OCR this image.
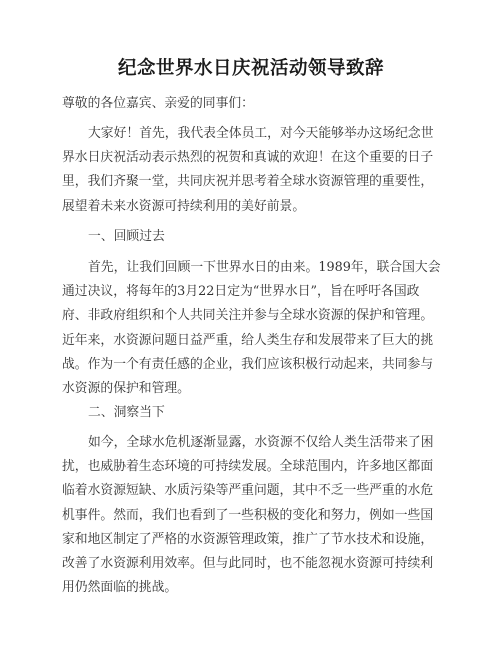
纪念世界水日庆祝活动领导致辞

尊敬的各位嘉宾、亲爱的同事们：

大家好！首先，我代表全体员工，对今天能够举办这场纪念世界水日庆祝活动表示热烈的祝贺和真诚的欢迎！在这个重要的日子里，我们齐聚一堂，共同庆祝并思考着全球水资源管理的重要性，展望着未来水资源可持续利用的美好前景。

一、回顾过去

首先，让我们回顾一下世界水日的由来。1989年，联合国大会通过决议，将每年的3月22日定为“世界水日”，旨在呼吁各国政府、非政府组织和个人共同关注并参与全球水资源的保护和管理。近年来，水资源问题日益严重，给人类生存和发展带来了巨大的挑战。作为一个有责任感的企业，我们应该积极行动起来，共同参与水资源的保护和管理。

二、洞察当下

如今，全球水危机逐渐显露，水资源不仅给人类生活带来了困扰，也威胁着生态环境的可持续发展。全球范围内，许多地区都面临着水资源短缺、水质污染等严重问题，其中不乏一些严重的水危机事件。然而，我们也看到了一些积极的变化和努力，例如一些国家和地区制定了严格的水资源管理政策，推广了节水技术和设施，改善了水资源利用效率。但与此同时，也不能忽视水资源可持续利用仍然面临的挑战。
